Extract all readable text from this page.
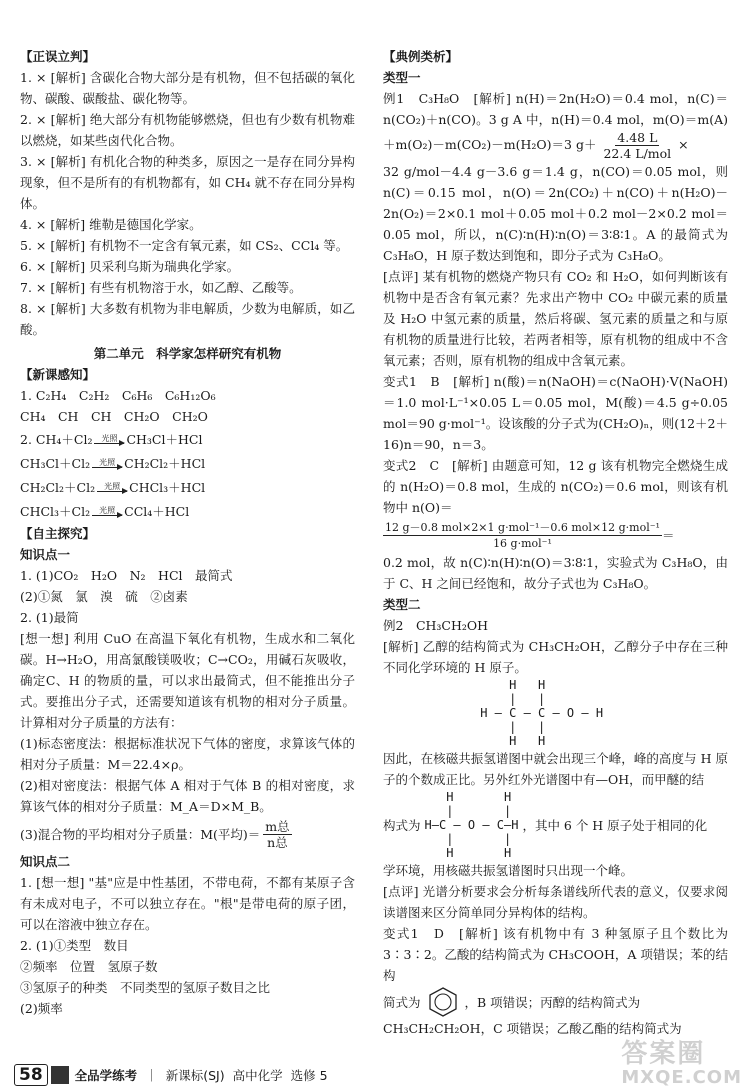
【正误立判】
1. × [解析] 含碳化合物大部分是有机物，但不包括碳的氧化物、碳酸、碳酸盐、碳化物等。
2. × [解析] 绝大部分有机物能够燃烧，但也有少数有机物难以燃烧，如某些卤代化合物。
3. × [解析] 有机化合物的种类多，原因之一是存在同分异构现象，但不是所有的有机物都有，如 CH₄ 就不存在同分异构体。
4. × [解析] 维勒是德国化学家。
5. × [解析] 有机物不一定含有氧元素，如 CS₂、CCl₄ 等。
6. × [解析] 贝采利乌斯为瑞典化学家。
7. × [解析] 有些有机物溶于水，如乙醇、乙酸等。
8. × [解析] 大多数有机物为非电解质，少数为电解质，如乙酸。
第二单元　科学家怎样研究有机物
【新课感知】
1. C₂H₄　C₂H₂　C₆H₆　C₆H₁₂O₆
CH₄　CH　CH　CH₂O　CH₂O
2. CH₄＋Cl₂ 光照 CH₃Cl＋HCl
CH₃Cl＋Cl₂ 光照 CH₂Cl₂＋HCl
CH₂Cl₂＋Cl₂ 光照 CHCl₃＋HCl
CHCl₃＋Cl₂ 光照 CCl₄＋HCl
【自主探究】
知识点一
1. (1)CO₂　H₂O　N₂　HCl　最简式
(2)①氮　氯　溴　硫　②卤素
2. (1)最简
[想一想] 利用 CuO 在高温下氧化有机物，生成水和二氧化碳。H→H₂O，用高氯酸镁吸收；C→CO₂，用碱石灰吸收，确定C、H 的物质的量，可以求出最简式，但不能推出分子式。要推出分子式，还需要知道该有机物的相对分子质量。计算相对分子质量的方法有：
(1)标态密度法：根据标准状况下气体的密度，求算该气体的相对分子质量：M＝22.4×ρ。
(2)相对密度法：根据气体 A 相对于气体 B 的相对密度，求算该气体的相对分子质量：M_A＝D×M_B。
(3)混合物的平均相对分子质量：M(平均)＝ $\frac{\text{m总}}{\text{n总}}$
知识点二
1. [想一想] "基"应是中性基团，不带电荷，不都有某原子含有未成对电子，不可以独立存在。"根"是带电荷的原子团，可以在溶液中独立存在。
2. (1)①类型　数目
②频率　位置　氢原子数
③氢原子的种类　不同类型的氢原子数目之比
(2)频率
【典例类析】
类型一
例1　C₃H₈O　[解析] n(H)＝2n(H₂O)＝0.4 mol，n(C)＝n(CO₂)＋n(CO)。3 g A 中，n(H)＝0.4 mol，m(O)＝m(A)＋m(O₂)－m(CO₂)－m(H₂O)＝3 $g+ \frac{4.48 L}{\text{22.4 L/mol}}$ ×
32 g/mol－4.4 g－3.6 g＝1.4 g，n(CO)＝0.05 mol，则 n(C)＝0.15 mol，n(O)＝2n(CO₂)＋n(CO)＋n(H₂O)－2n(O₂)＝2×0.1 mol＋0.05 mol＋0.2 mol－2×0.2 mol＝0.05 mol，所以，n(C)∶n(H)∶n(O)＝3∶8∶1。A 的最简式为 C₃H₈O，H 原子数达到饱和，即分子式为 C₃H₈O。
[点评] 某有机物的燃烧产物只有 CO₂ 和 H₂O，如何判断该有机物中是否含有氧元素？先求出产物中 CO₂ 中碳元素的质量及 H₂O 中氢元素的质量，然后将碳、氢元素的质量之和与原有机物的质量进行比较，若两者相等，原有机物的组成中不含氧元素；否则，原有机物的组成中含氧元素。
变式1　B　[解析] n(酸)＝n(NaOH)＝c(NaOH)·V(NaOH)＝1.0 mol·L⁻¹×0.05 L＝0.05 mol，M(酸)＝4.5 g÷0.05 mol＝90 g·mol⁻¹。设该酸的分子式为(CH₂O)ₙ，则(12＋2＋16)n＝90，n＝3。
变式2　C　[解析] 由题意可知，12 g 该有机物完全燃烧生成的 n(H₂O)＝0.8 mol，生成的 n(CO₂)＝0.6 mol，则该有机物中 n(O)＝
$\frac{\text{12 g－0.8 mol×2×1 g·mol⁻¹－0.6 mol×12 g·mol⁻¹}}{\text{16 g·mol⁻¹}}$ ＝
0.2 mol，故 n(C)∶n(H)∶n(O)＝3∶8∶1，实验式为 C₃H₈O，由于 C、H 之间已经饱和，故分子式也为 C₃H₈O。
类型二
例2　CH₃CH₂OH
[解析] 乙醇的结构简式为 CH₃CH₂OH，乙醇分子中存在三种不同化学环境的 H 原子。
H   H
|   |
H — C — C — O — H
|   |
H   H
因此，在核磁共振氢谱图中就会出现三个峰，峰的高度与 H 原子的个数成正比。另外红外光谱图中有—OH，而甲醚的结
构式为
H       H
|       |
H—C — O — C—H
|       |
H       H
，其中 6 个 H 原子处于相同的化
学环境，用核磁共振氢谱图时只出现一个峰。
[点评] 光谱分析要求会分析每条谱线所代表的意义，仅要求阅读谱图来区分简单同分异构体的结构。
变式1　D　[解析] 该有机物中有 3 种氢原子且个数比为 3∶3∶2。乙酸的结构简式为 CH₃COOH，A 项错误；苯的结构
简式为	，B 项错误；丙醇的结构简式为
CH₃CH₂CH₂OH，C 项错误；乙酸乙酯的结构简式为
58	全品学练考 ｜ 新课标(SJ) 高中化学 选修 5
答案圈
MXQE.COM
